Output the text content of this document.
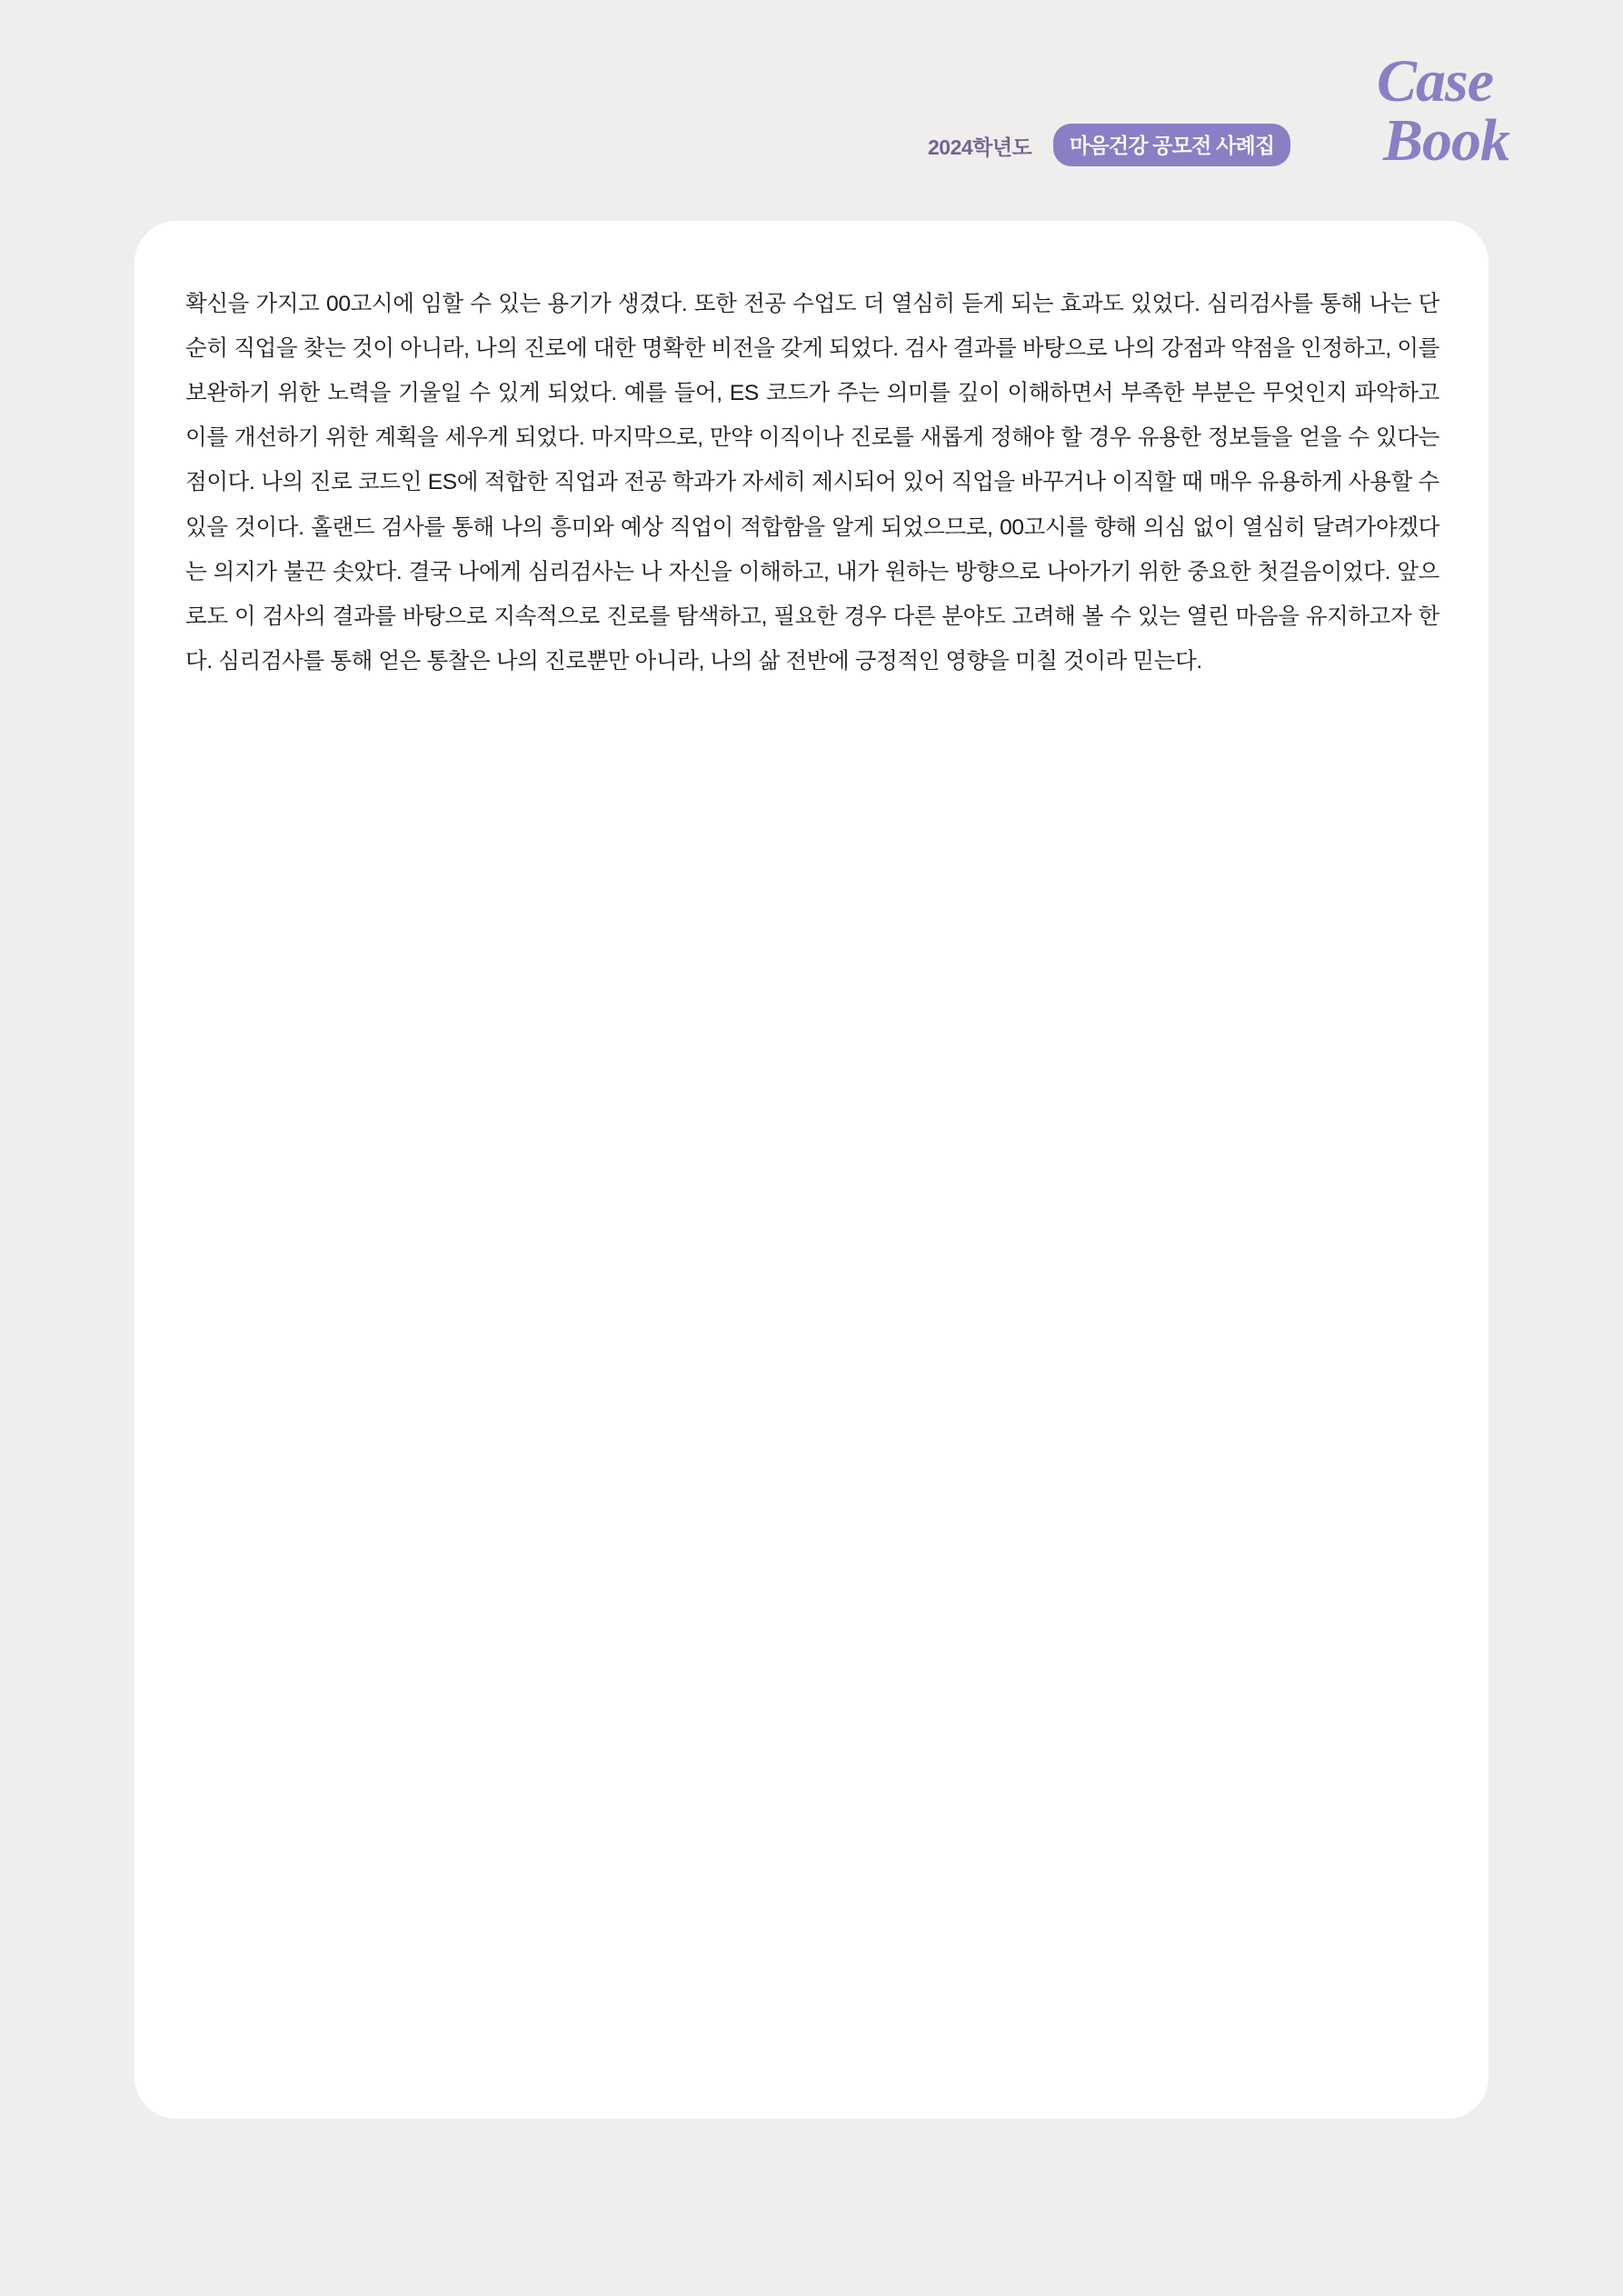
Case
Book
2024학년도	마음건강 공모전 사례집

확신을 가지고 00고시에 임할 수 있는 용기가 생겼다. 또한 전공 수업도 더 열심히 듣게 되는 효과도 있었다. 심리검사를 통해 나는 단순히 직업을 찾는 것이 아니라, 나의 진로에 대한 명확한 비전을 갖게 되었다. 검사 결과를 바탕으로 나의 강점과 약점을 인정하고, 이를 보완하기 위한 노력을 기울일 수 있게 되었다. 예를 들어, ES 코드가 주는 의미를 깊이 이해하면서 부족한 부분은 무엇인지 파악하고 이를 개선하기 위한 계획을 세우게 되었다. 마지막으로, 만약 이직이나 진로를 새롭게 정해야 할 경우 유용한 정보들을 얻을 수 있다는 점이다. 나의 진로 코드인 ES에 적합한 직업과 전공 학과가 자세히 제시되어 있어 직업을 바꾸거나 이직할 때 매우 유용하게 사용할 수 있을 것이다. 홀랜드 검사를 통해 나의 흥미와 예상 직업이 적합함을 알게 되었으므로, 00고시를 향해 의심 없이 열심히 달려가야겠다는 의지가 불끈 솟았다. 결국 나에게 심리검사는 나 자신을 이해하고, 내가 원하는 방향으로 나아가기 위한 중요한 첫걸음이었다. 앞으로도 이 검사의 결과를 바탕으로 지속적으로 진로를 탐색하고, 필요한 경우 다른 분야도 고려해 볼 수 있는 열린 마음을 유지하고자 한다. 심리검사를 통해 얻은 통찰은 나의 진로뿐만 아니라, 나의 삶 전반에 긍정적인 영향을 미칠 것이라 믿는다.
